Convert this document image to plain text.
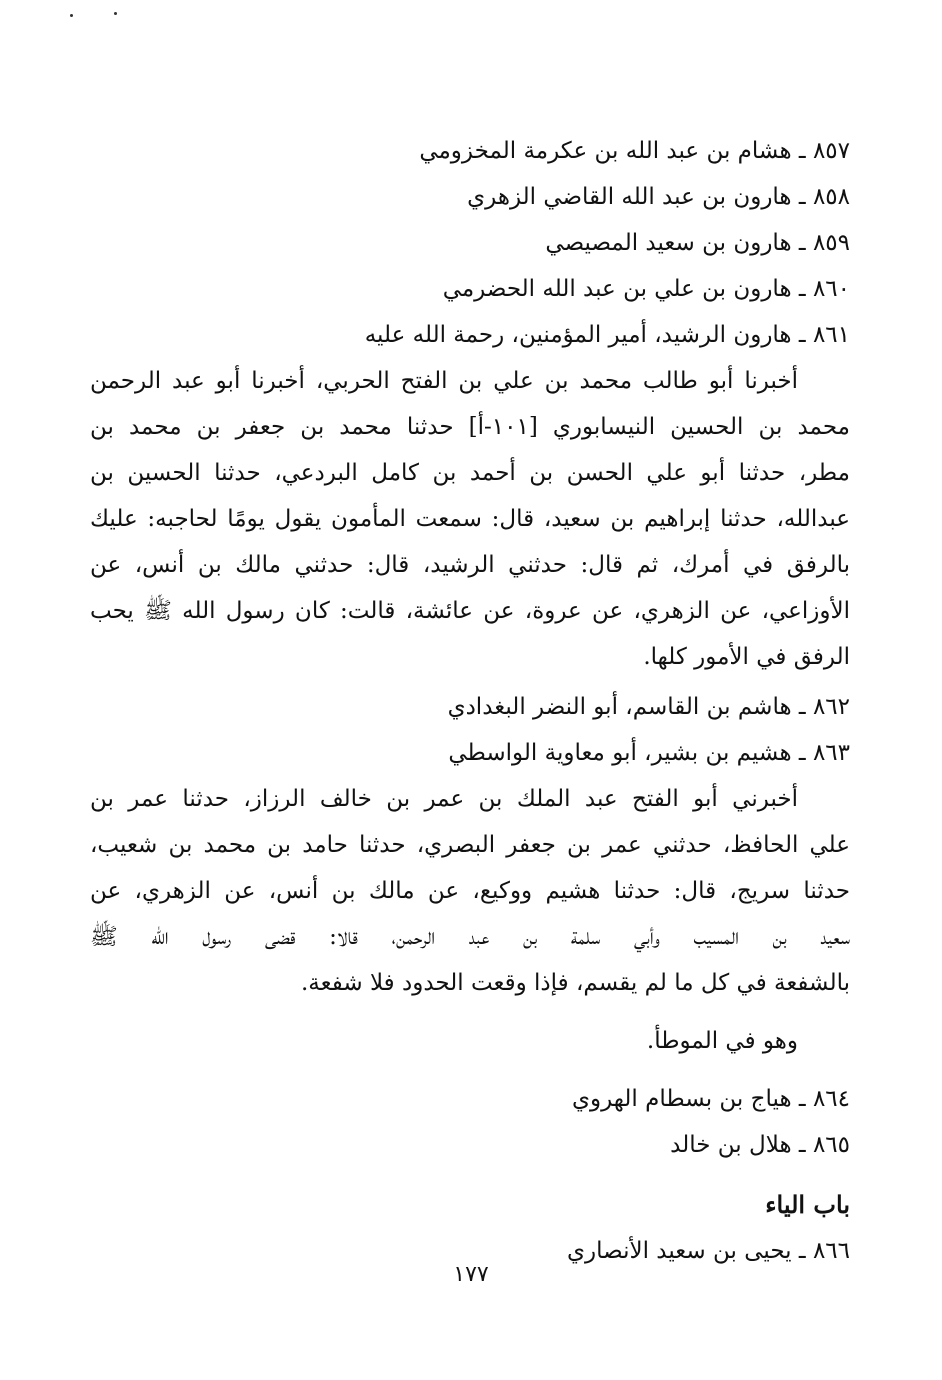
٨٥٧ ـ هشام بن عبد الله بن عكرمة المخزومي
٨٥٨ ـ هارون بن عبد الله القاضي الزهري
٨٥٩ ـ هارون بن سعيد المصيصي
٨٦٠ ـ هارون بن علي بن عبد الله الحضرمي
٨٦١ ـ هارون الرشيد، أمير المؤمنين، رحمة الله عليه
أخبرنا أبو طالب محمد بن علي بن الفتح الحربي، أخبرنا أبو عبد الرحمن
محمد بن الحسين النيسابوري [١٠١-أ] حدثنا محمد بن جعفر بن محمد بن
مطر، حدثنا أبو علي الحسن بن أحمد بن كامل البردعي، حدثنا الحسين بن
عبدالله، حدثنا إبراهيم بن سعيد، قال: سمعت المأمون يقول يومًا لحاجبه: عليك
بالرفق في أمرك، ثم قال: حدثني الرشيد، قال: حدثني مالك بن أنس، عن
الأوزاعي، عن الزهري، عن عروة، عن عائشة، قالت: كان رسول الله ﷺ يحب
الرفق في الأمور كلها.
٨٦٢ ـ هاشم بن القاسم، أبو النضر البغدادي
٨٦٣ ـ هشيم بن بشير، أبو معاوية الواسطي
أخبرني أبو الفتح عبد الملك بن عمر بن خالف الرزاز، حدثنا عمر بن
علي الحافظ، حدثني عمر بن جعفر البصري، حدثنا حامد بن محمد بن شعيب،
حدثنا سريج، قال: حدثنا هشيم ووكيع، عن مالك بن أنس، عن الزهري، عن
سعيد بن المسيب وأبي سلمة بن عبد الرحمن، قالا: قضى رسول الله ﷺ
بالشفعة في كل ما لم يقسم، فإذا وقعت الحدود فلا شفعة.
وهو في الموطأ.
٨٦٤ ـ هياج بن بسطام الهروي
٨٦٥ ـ هلال بن خالد
باب الياء
٨٦٦ ـ يحيى بن سعيد الأنصاري
١٧٧
